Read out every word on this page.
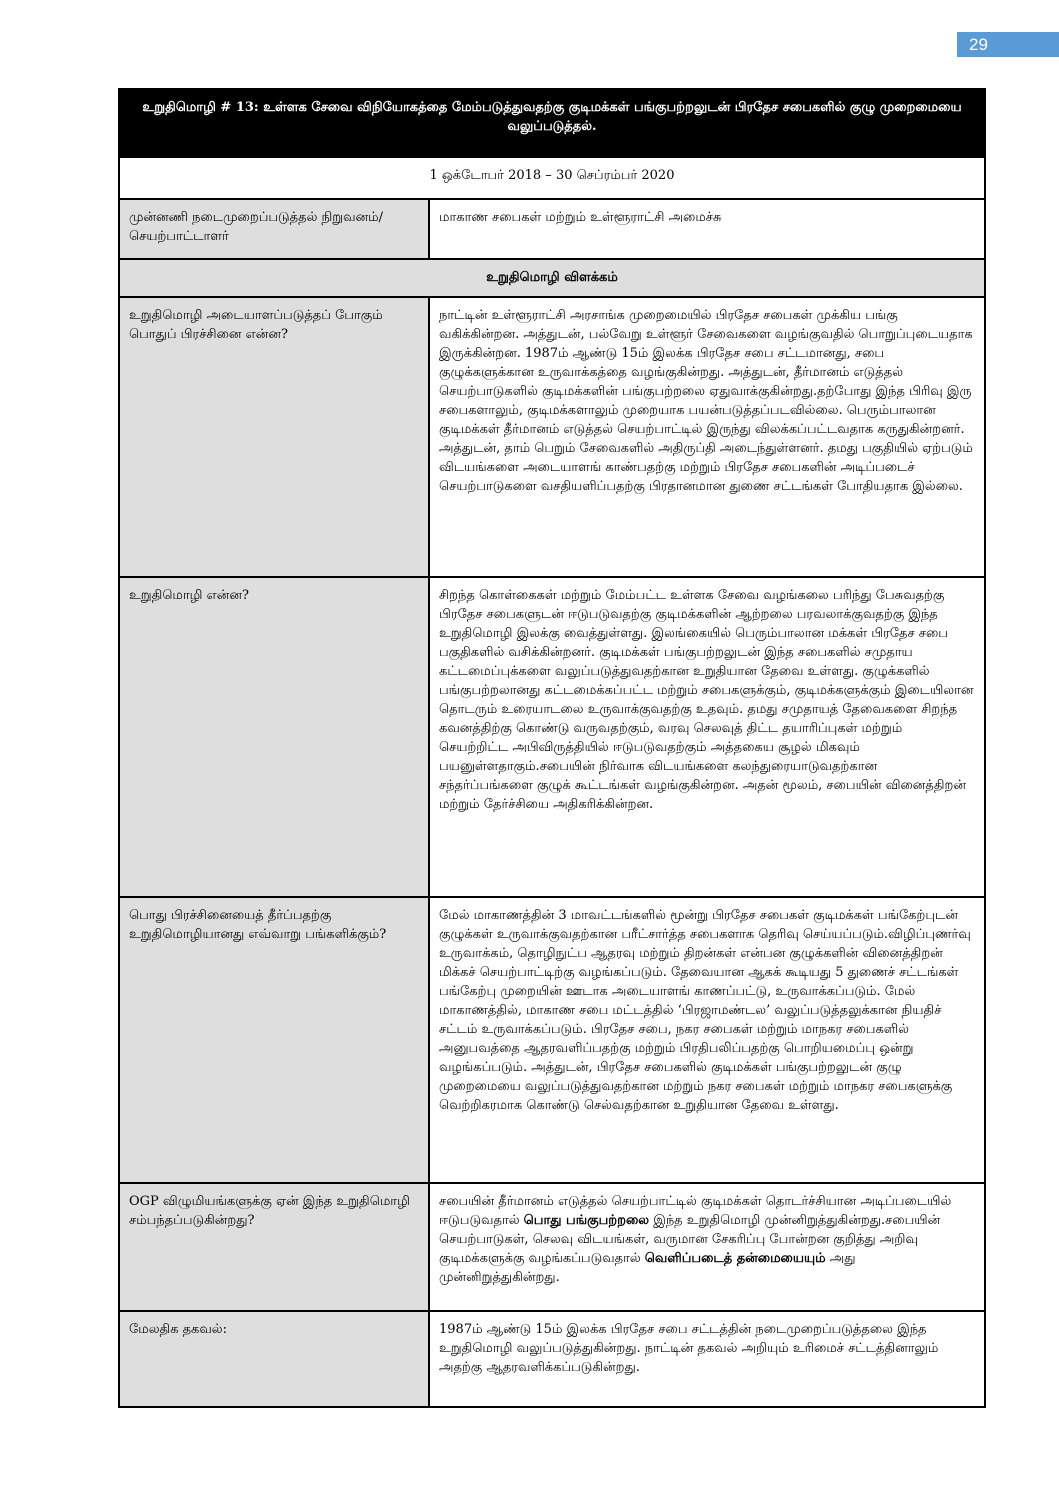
29
உறுதிமொழி # 13: உள்ளக சேவை விநியோகத்தை மேம்படுத்துவதற்கு குடிமக்கள் பங்குபற்றலுடன் பிரதேச சபைகளில் குழு முறைமையை வலுப்படுத்தல்.	
1 ஒக்டோபர் 2018 – 30 செப்ரம்பர் 2020	
முன்னணி நடைமுறைப்படுத்தல் நிறுவனம்/செயற்பாட்டாளர்	மாகாண சபைகள் மற்றும் உள்ளூராட்சி அமைச்சு
உறுதிமொழி விளக்கம்	
உறுதிமொழி அடையாளப்படுத்தப் போகும் பொதுப் பிரச்சினை என்ன?	நாட்டின் உள்ளூராட்சி அரசாங்க முறைமையில் பிரதேச சபைகள் முக்கிய பங்கு வகிக்கின்றன. அத்துடன், பல்வேறு உள்ளூர் சேவைகளை வழங்குவதில் பொறுப்புடையதாக இருக்கின்றன. 1987ம் ஆண்டு 15ம் இலக்க பிரதேச சபை சட்டமானது, சபை குழுக்களுக்கான உருவாக்கத்தை வழங்குகின்றது. அத்துடன், தீர்மானம் எடுத்தல் செயற்பாடுகளில் குடிமக்களின் பங்குபற்றலை ஏதுவாக்குகின்றது.தற்போது இந்த பிரிவு இரு சபைகளாலும், குடிமக்களாலும் முறையாக பயன்படுத்தப்படவில்லை. பெரும்பாலான குடிமக்கள் தீர்மானம் எடுத்தல் செயற்பாட்டில் இருந்து விலக்கப்பட்டவதாக கருதுகின்றனர். அத்துடன், தாம் பெறும் சேவைகளில் அதிருப்தி அடைந்துள்ளனர். தமது பகுதியில் ஏற்படும் விடயங்களை அடையாளங் காண்பதற்கு மற்றும் பிரதேச சபைகளின் அடிப்படைச் செயற்பாடுகளை வசதியளிப்பதற்கு பிரதானமான துணை சட்டங்கள் போதியதாக இல்லை.
உறுதிமொழி என்ன?	சிறந்த கொள்கைகள் மற்றும் மேம்பட்ட உள்ளக சேவை வழங்கலை பரிந்து பேசுவதற்கு பிரதேச சபைகளுடன் ஈடுபடுவதற்கு குடிமக்களின் ஆற்றலை பரவலாக்குவதற்கு இந்த உறுதிமொழி இலக்கு வைத்துள்ளது. இலங்கையில் பெரும்பாலான மக்கள் பிரதேச சபை பகுதிகளில் வசிக்கின்றனர். குடிமக்கள் பங்குபற்றலுடன் இந்த சபைகளில் சமுதாய கட்டமைப்புக்களை வலுப்படுத்துவதற்கான உறுதியான தேவை உள்ளது. குழுக்களில் பங்குபற்றலானது கட்டமைக்கப்பட்ட மற்றும் சபைகளுக்கும், குடிமக்களுக்கும் இடையிலான தொடரும் உரையாடலை உருவாக்குவதற்கு உதவும். தமது சமுதாயத் தேவைகளை சிறந்த கவனத்திற்கு கொண்டு வருவதற்கும், வரவு செலவுத் திட்ட தயாரிப்புகள் மற்றும் செயற்றிட்ட அபிவிருத்தியில் ஈடுபடுவதற்கும் அத்தகைய சூழல் மிகவும் பயனுள்ளதாகும்.சபையின் நிர்வாக விடயங்களை கலந்துரையாடுவதற்கான சந்தர்ப்பங்களை குழுக் கூட்டங்கள் வழங்குகின்றன. அதன் மூலம், சபையின் வினைத்திறன் மற்றும் தேர்ச்சியை அதிகரிக்கின்றன.
பொது பிரச்சினையைத் தீர்ப்பதற்கு உறுதிமொழியானது எவ்வாறு பங்களிக்கும்?	மேல் மாகாணத்தின் 3 மாவட்டங்களில் மூன்று பிரதேச சபைகள் குடிமக்கள் பங்கேற்புடன் குழுக்கள் உருவாக்குவதற்கான பரீட்சார்த்த சபைகளாக தெரிவு செய்யப்படும்.விழிப்புணர்வு உருவாக்கம், தொழிநுட்ப ஆதரவு மற்றும் திறன்கள் என்பன குழுக்களின் வினைத்திறன் மிக்கச் செயற்பாட்டிற்கு வழங்கப்படும். தேவையான ஆகக் கூடியது 5 துணைச் சட்டங்கள் பங்கேற்பு முறையின் ஊடாக அடையாளங் காணப்பட்டு, உருவாக்கப்படும். மேல் மாகாணத்தில், மாகாண சபை மட்டத்தில் ‘பிரஜாமண்டல’ வலுப்படுத்தலுக்கான நியதிச் சட்டம் உருவாக்கப்படும். பிரதேச சபை, நகர சபைகள் மற்றும் மாநகர சபைகளில் அனுபவத்தை ஆதரவளிப்பதற்கு மற்றும் பிரதிபலிப்பதற்கு பொறியமைப்பு ஒன்று வழங்கப்படும். அத்துடன், பிரதேச சபைகளில் குடிமக்கள் பங்குபற்றலுடன் குழு முறைமையை வலுப்படுத்துவதற்கான மற்றும் நகர சபைகள் மற்றும் மாநகர சபைகளுக்கு வெற்றிகரமாக கொண்டு செல்வதற்கான உறுதியான தேவை உள்ளது.
OGP விழுமியங்களுக்கு ஏன் இந்த உறுதிமொழி சம்பந்தப்படுகின்றது?	சபையின் தீர்மானம் எடுத்தல் செயற்பாட்டில் குடிமக்கள் தொடர்ச்சியான அடிப்படையில் ஈடுபடுவதால் பொது பங்குபற்றலை இந்த உறுதிமொழி முன்னிறுத்துகின்றது.சபையின் செயற்பாடுகள், செலவு விடயங்கள், வருமான சேகரிப்பு போன்றன குறித்து அறிவு குடிமக்களுக்கு வழங்கப்படுவதால் வெளிப்படைத் தன்மையையும் அது முன்னிறுத்துகின்றது.
மேலதிக தகவல்:	1987ம் ஆண்டு 15ம் இலக்க பிரதேச சபை சட்டத்தின் நடைமுறைப்படுத்தலை இந்த உறுதிமொழி வலுப்படுத்துகின்றது. நாட்டின் தகவல் அறியும் உரிமைச் சட்டத்தினாலும் அதற்கு ஆதரவளிக்கப்படுகின்றது.
